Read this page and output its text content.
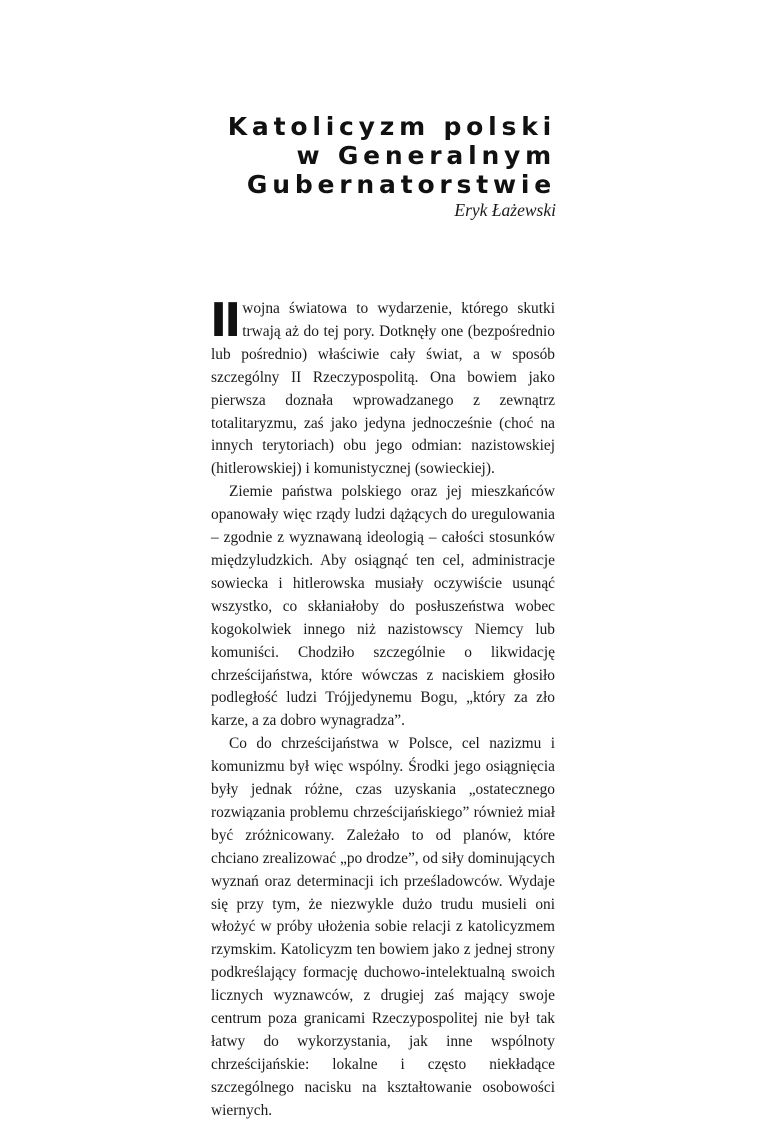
Katolicyzm polski
w Generalnym
Gubernatorstwie
Eryk Łażewski

II wojna światowa to wydarzenie, którego skutki trwają aż do tej pory. Dotknęły one (bezpośrednio lub pośrednio) właściwie cały świat, a w sposób szczególny II Rzeczypospolitą. Ona bowiem jako pierwsza doznała wprowadzanego z zewnątrz totalitaryzmu, zaś jako jedyna jednocześnie (choć na innych terytoriach) obu jego odmian: nazistowskiej (hitlerowskiej) i komunistycznej (sowieckiej).

Ziemie państwa polskiego oraz jej mieszkańców opanowały więc rządy ludzi dążących do uregulowania – zgodnie z wyznawaną ideologią – całości stosunków międzyludzkich. Aby osiągnąć ten cel, administracje sowiecka i hitlerowska musiały oczywiście usunąć wszystko, co skłaniałoby do posłuszeństwa wobec kogokolwiek innego niż nazistowscy Niemcy lub komuniści. Chodziło szczególnie o likwidację chrześcijaństwa, które wówczas z naciskiem głosiło podległość ludzi Trójjedynemu Bogu, „który za zło karze, a za dobro wynagradza”.

Co do chrześcijaństwa w Polsce, cel nazizmu i komunizmu był więc wspólny. Środki jego osiągnięcia były jednak różne, czas uzyskania „ostatecznego rozwiązania problemu chrześcijańskiego” również miał być zróżnicowany. Zależało to od planów, które chciano zrealizować „po drodze”, od siły dominujących wyznań oraz determinacji ich prześladowców. Wydaje się przy tym, że niezwykle dużo trudu musieli oni włożyć w próby ułożenia sobie relacji z katolicyzmem rzymskim. Katolicyzm ten bowiem jako z jednej strony podkreślający formację duchowo-intelektualną swoich licznych wyznawców, z drugiej zaś mający swoje centrum poza granicami Rzeczypospolitej nie był tak łatwy do wykorzystania, jak inne wspólnoty chrześcijańskie: lokalne i często niekładące szczególnego nacisku na kształtowanie osobowości wiernych.
